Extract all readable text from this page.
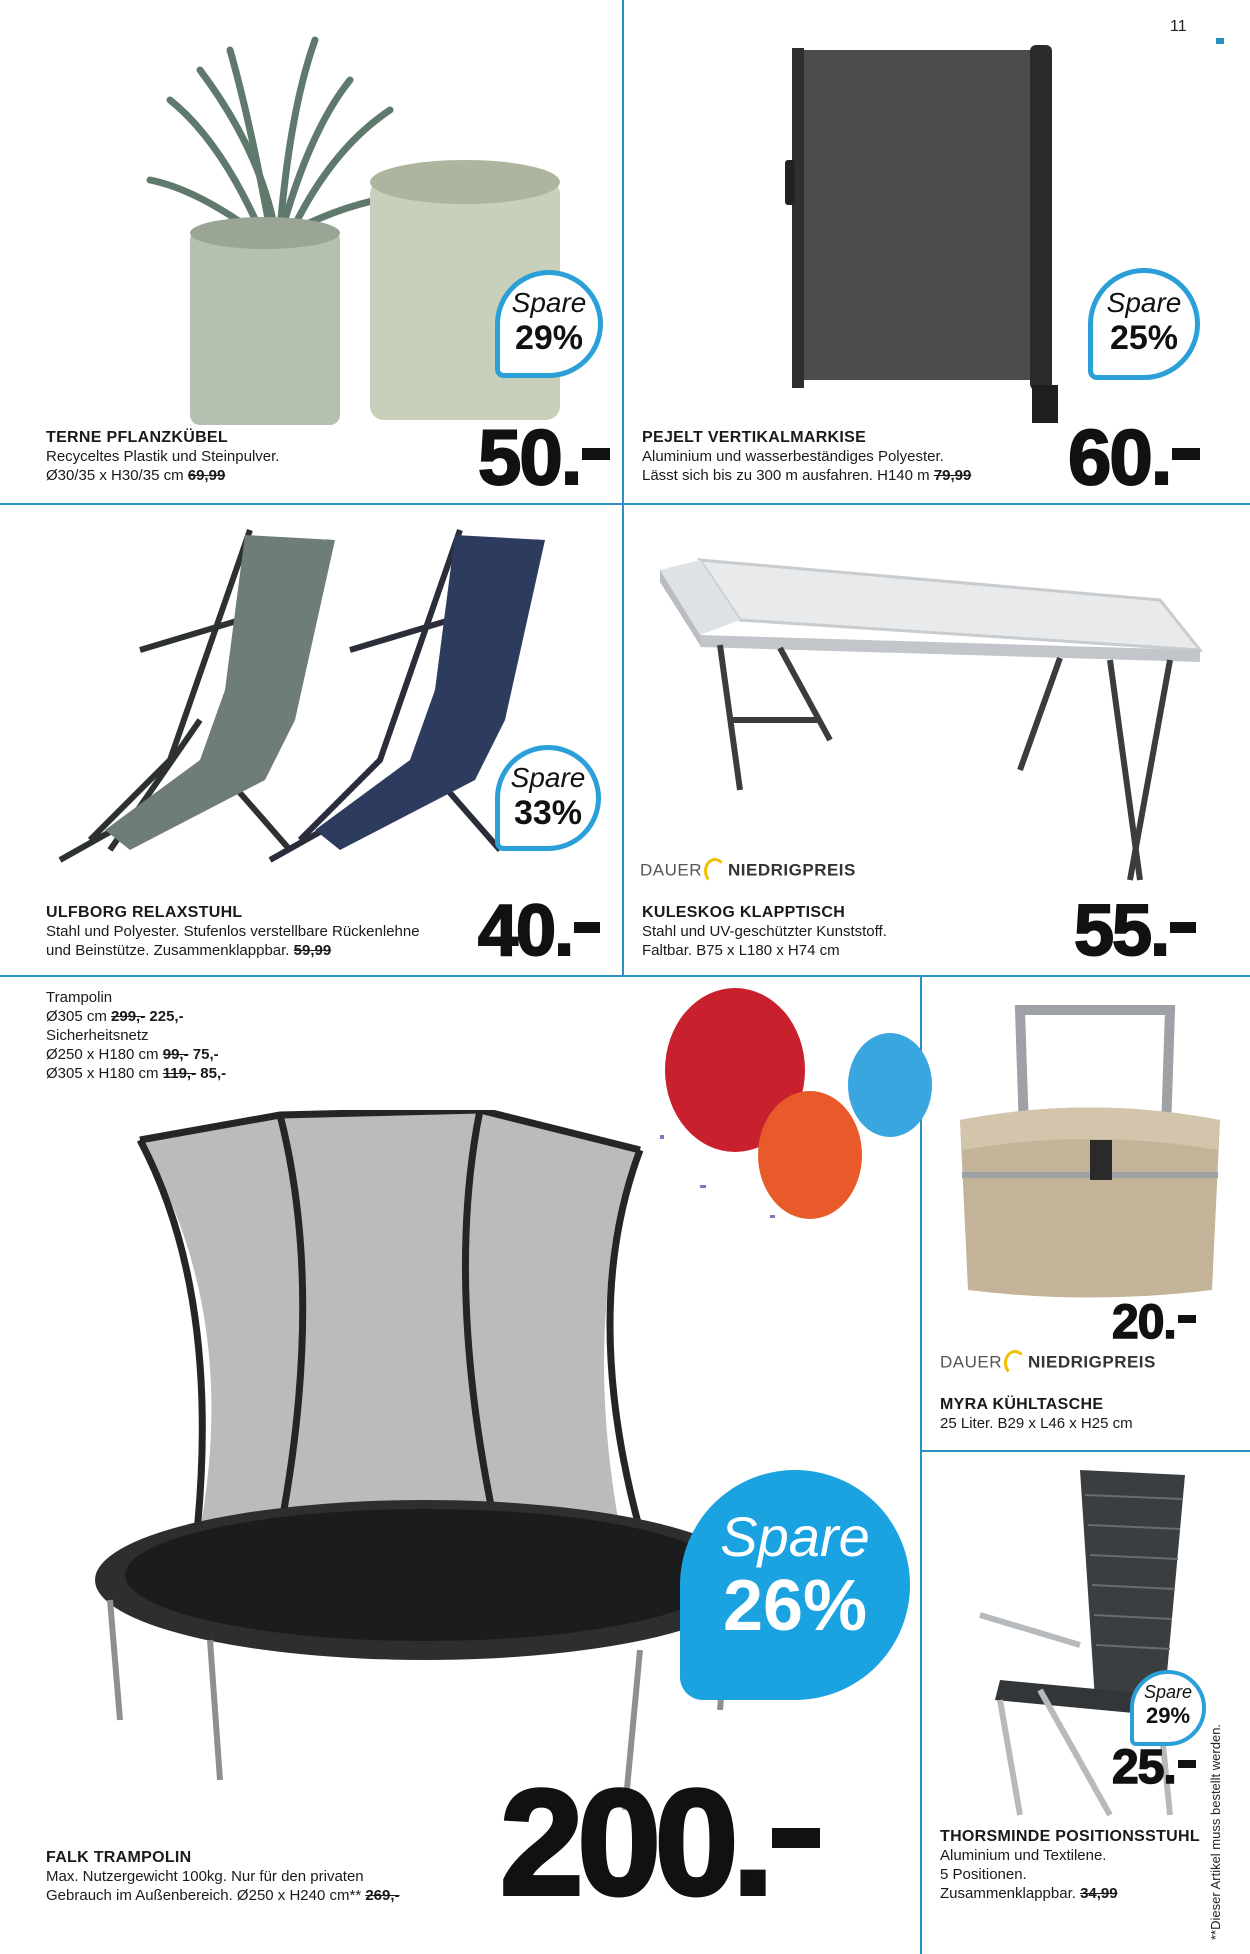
11
Spare
29%
TERNE PFLANZKÜBEL
Recyceltes Plastik und Steinpulver.
Ø30/35 x H30/35 cm 69,99	50.
Spare
25%
PEJELT VERTIKALMARKISE
Aluminium und wasserbeständiges Polyester.
Lässt sich bis zu 300 m ausfahren. H140 m 79,99 60.
Spare
33%
ULFBORG RELAXSTUHL
Stahl und Polyester. Stufenlos verstellbare Rückenlehne
und Beinstütze. Zusammenklappbar. 59,99	40.
DAUER NIEDRIGPREIS
KULESKOG KLAPPTISCH
Stahl und UV-geschützter Kunststoff.
Faltbar. B75 x L180 x H74 cm	55.
Trampolin
Ø305 cm 299,- 225,-
Sicherheitsnetz
Ø250 x H180 cm 99,- 75,-
Ø305 x H180 cm 119,- 85,-
Spare
26%
FALK TRAMPOLIN
Max. Nutzergewicht 100kg. Nur für den privaten
Gebrauch im Außenbereich. Ø250 x H240 cm** 269,- 200.
20.
DAUER NIEDRIGPREIS
MYRA KÜHLTASCHE
25 Liter. B29 x L46 x H25 cm
Spare
29%
25.
THORSMINDE POSITIONSSTUHL
Aluminium und Textilene.
5 Positionen.
Zusammenklappbar. 34,99	**Dieser Artikel muss bestellt werden.
